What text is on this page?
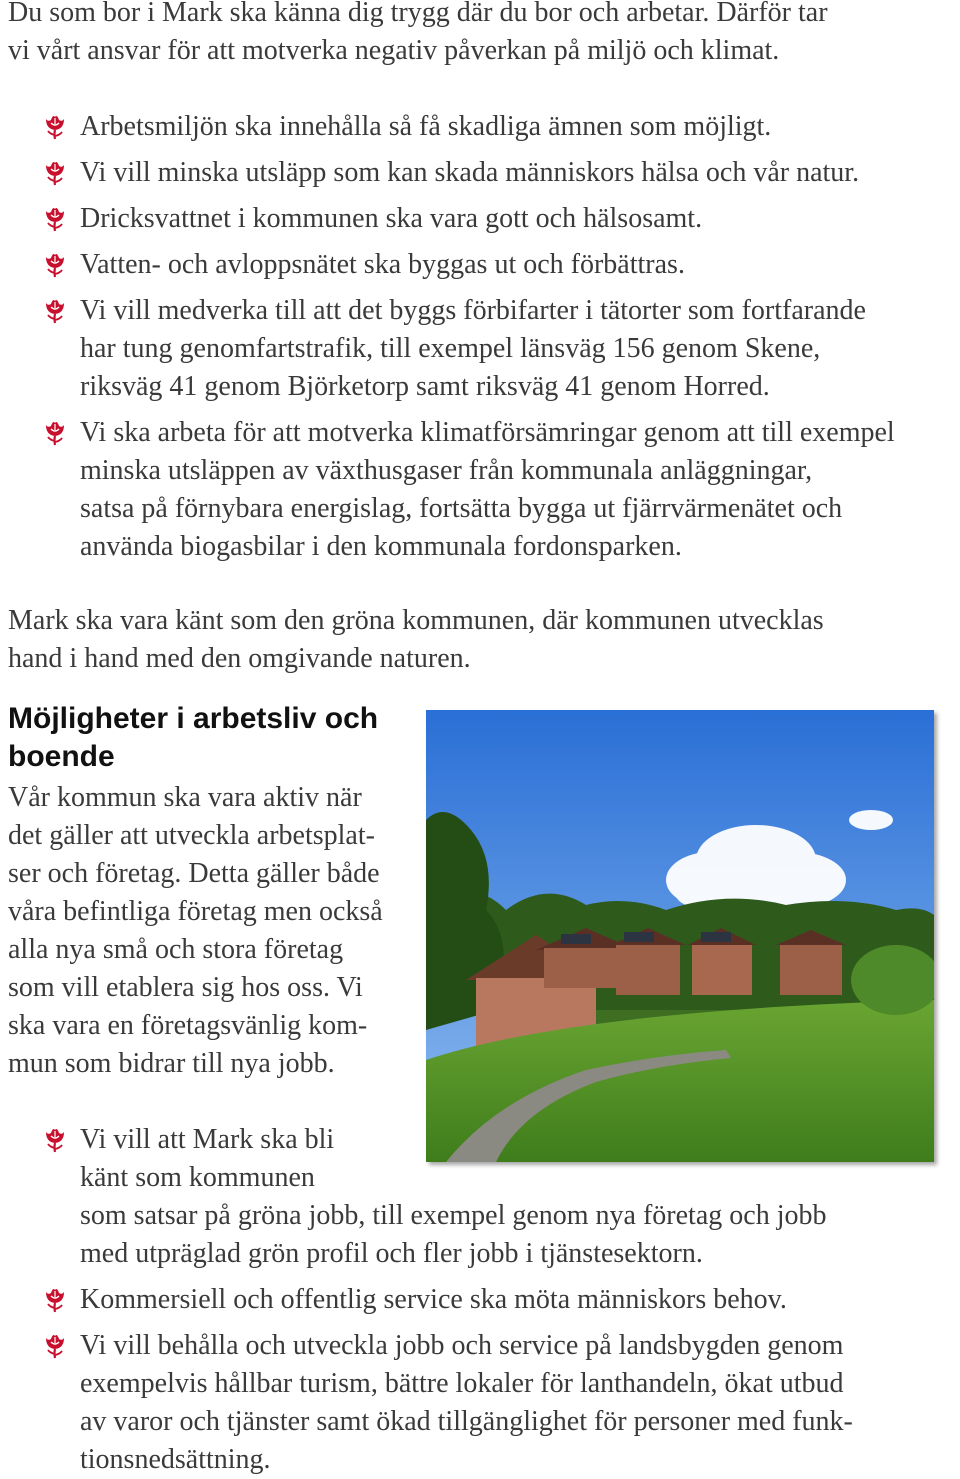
Du som bor i Mark ska känna dig trygg där du bor och arbetar. Därför tar
vi vårt ansvar för att motverka negativ påverkan på miljö och klimat.

Arbetsmiljön ska innehålla så få skadliga ämnen som möjligt.
Vi vill minska utsläpp som kan skada människors hälsa och vår natur.
Dricksvattnet i kommunen ska vara gott och hälsosamt.
Vatten- och avloppsnätet ska byggas ut och förbättras.
Vi vill medverka till att det byggs förbifarter i tätorter som fortfarande
har tung genomfartstrafik, till exempel länsväg 156 genom Skene,
riksväg 41 genom Björketorp samt riksväg 41 genom Horred.
Vi ska arbeta för att motverka klimatförsämringar genom att till exempel
minska utsläppen av växthusgaser från kommunala anläggningar,
satsa på förnybara energislag, fortsätta bygga ut fjärrvärmenätet och
använda biogasbilar i den kommunala fordonsparken.

Mark ska vara känt som den gröna kommunen, där kommunen utvecklas
hand i hand med den omgivande naturen.

Möjligheter i arbetsliv och boende

Vår kommun ska vara aktiv när
det gäller att utveckla arbetsplat-
ser och företag. Detta gäller både
våra befintliga företag men också
alla nya små och stora företag
som vill etablera sig hos oss. Vi
ska vara en företagsvänlig kom-
mun som bidrar till nya jobb.

Vi vill att Mark ska bli
känt som kommunen
som satsar på gröna jobb, till exempel genom nya företag och jobb
med utpräglad grön profil och fler jobb i tjänstesektorn.
Kommersiell och offentlig service ska möta människors behov.
Vi vill behålla och utveckla jobb och service på landsbygden genom
exempelvis hållbar turism, bättre lokaler för lanthandeln, ökat utbud
av varor och tjänster samt ökad tillgänglighet för personer med funk-
tionsnedsättning.
